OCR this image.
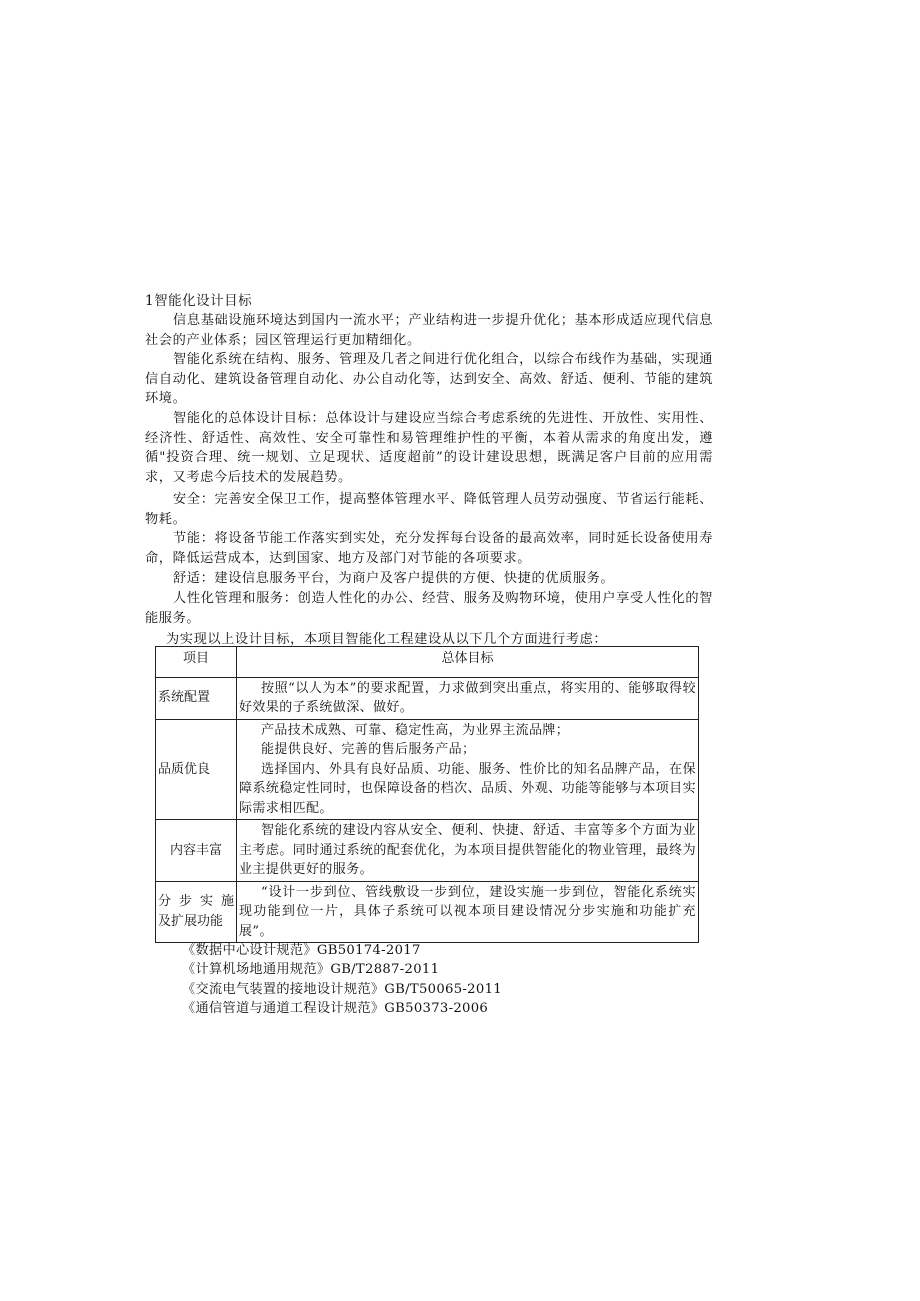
1智能化设计目标
信息基础设施环境达到国内一流水平；产业结构进一步提升优化；基本形成适应现代信息社会的产业体系；园区管理运行更加精细化。
智能化系统在结构、服务、管理及几者之间进行优化组合，以综合布线作为基础，实现通信自动化、建筑设备管理自动化、办公自动化等，达到安全、高效、舒适、便利、节能的建筑环境。
智能化的总体设计目标：总体设计与建设应当综合考虑系统的先进性、开放性、实用性、经济性、舒适性、高效性、安全可靠性和易管理维护性的平衡，本着从需求的角度出发，遵循"投资合理、统一规划、立足现状、适度超前”的设计建设思想，既满足客户目前的应用需求，又考虑今后技术的发展趋势。
安全：完善安全保卫工作，提高整体管理水平、降低管理人员劳动强度、节省运行能耗、物耗。
节能：将设备节能工作落实到实处，充分发挥每台设备的最高效率，同时延长设备使用寿命，降低运营成本，达到国家、地方及部门对节能的各项要求。
舒适：建设信息服务平台，为商户及客户提供的方便、快捷的优质服务。
人性化管理和服务：创造人性化的办公、经营、服务及购物环境，使用户享受人性化的智能服务。
为实现以上设计目标，本项目智能化工程建设从以下几个方面进行考虑：
项目	总体目标
系统配置	按照“以人为本”的要求配置，力求做到突出重点，将实用的、能够取得较好效果的子系统做深、做好。

品质优良	产品技术成熟、可靠、稳定性高，为业界主流品牌；

能提供良好、完善的售后服务产品；

选择国内、外具有良好品质、功能、服务、性价比的知名品牌产品，在保障系统稳定性同时，也保障设备的档次、品质、外观、功能等能够与本项目实际需求相匹配。

内容丰富	智能化系统的建设内容从安全、便利、快捷、舒适、丰富等多个方面为业主考虑。同时通过系统的配套优化，为本项目提供智能化的物业管理，最终为业主提供更好的服务。

分 步 实 施及扩展功能	“设计一步到位、管线敷设一步到位，建设实施一步到位，智能化系统实现功能到位一片，具体子系统可以视本项目建设情况分步实施和功能扩充展”。

《数据中心设计规范》GB50174-2017
《计算机场地通用规范》GB/T2887-2011
《交流电气装置的接地设计规范》GB/T50065-2011
《通信管道与通道工程设计规范》GB50373-2006
